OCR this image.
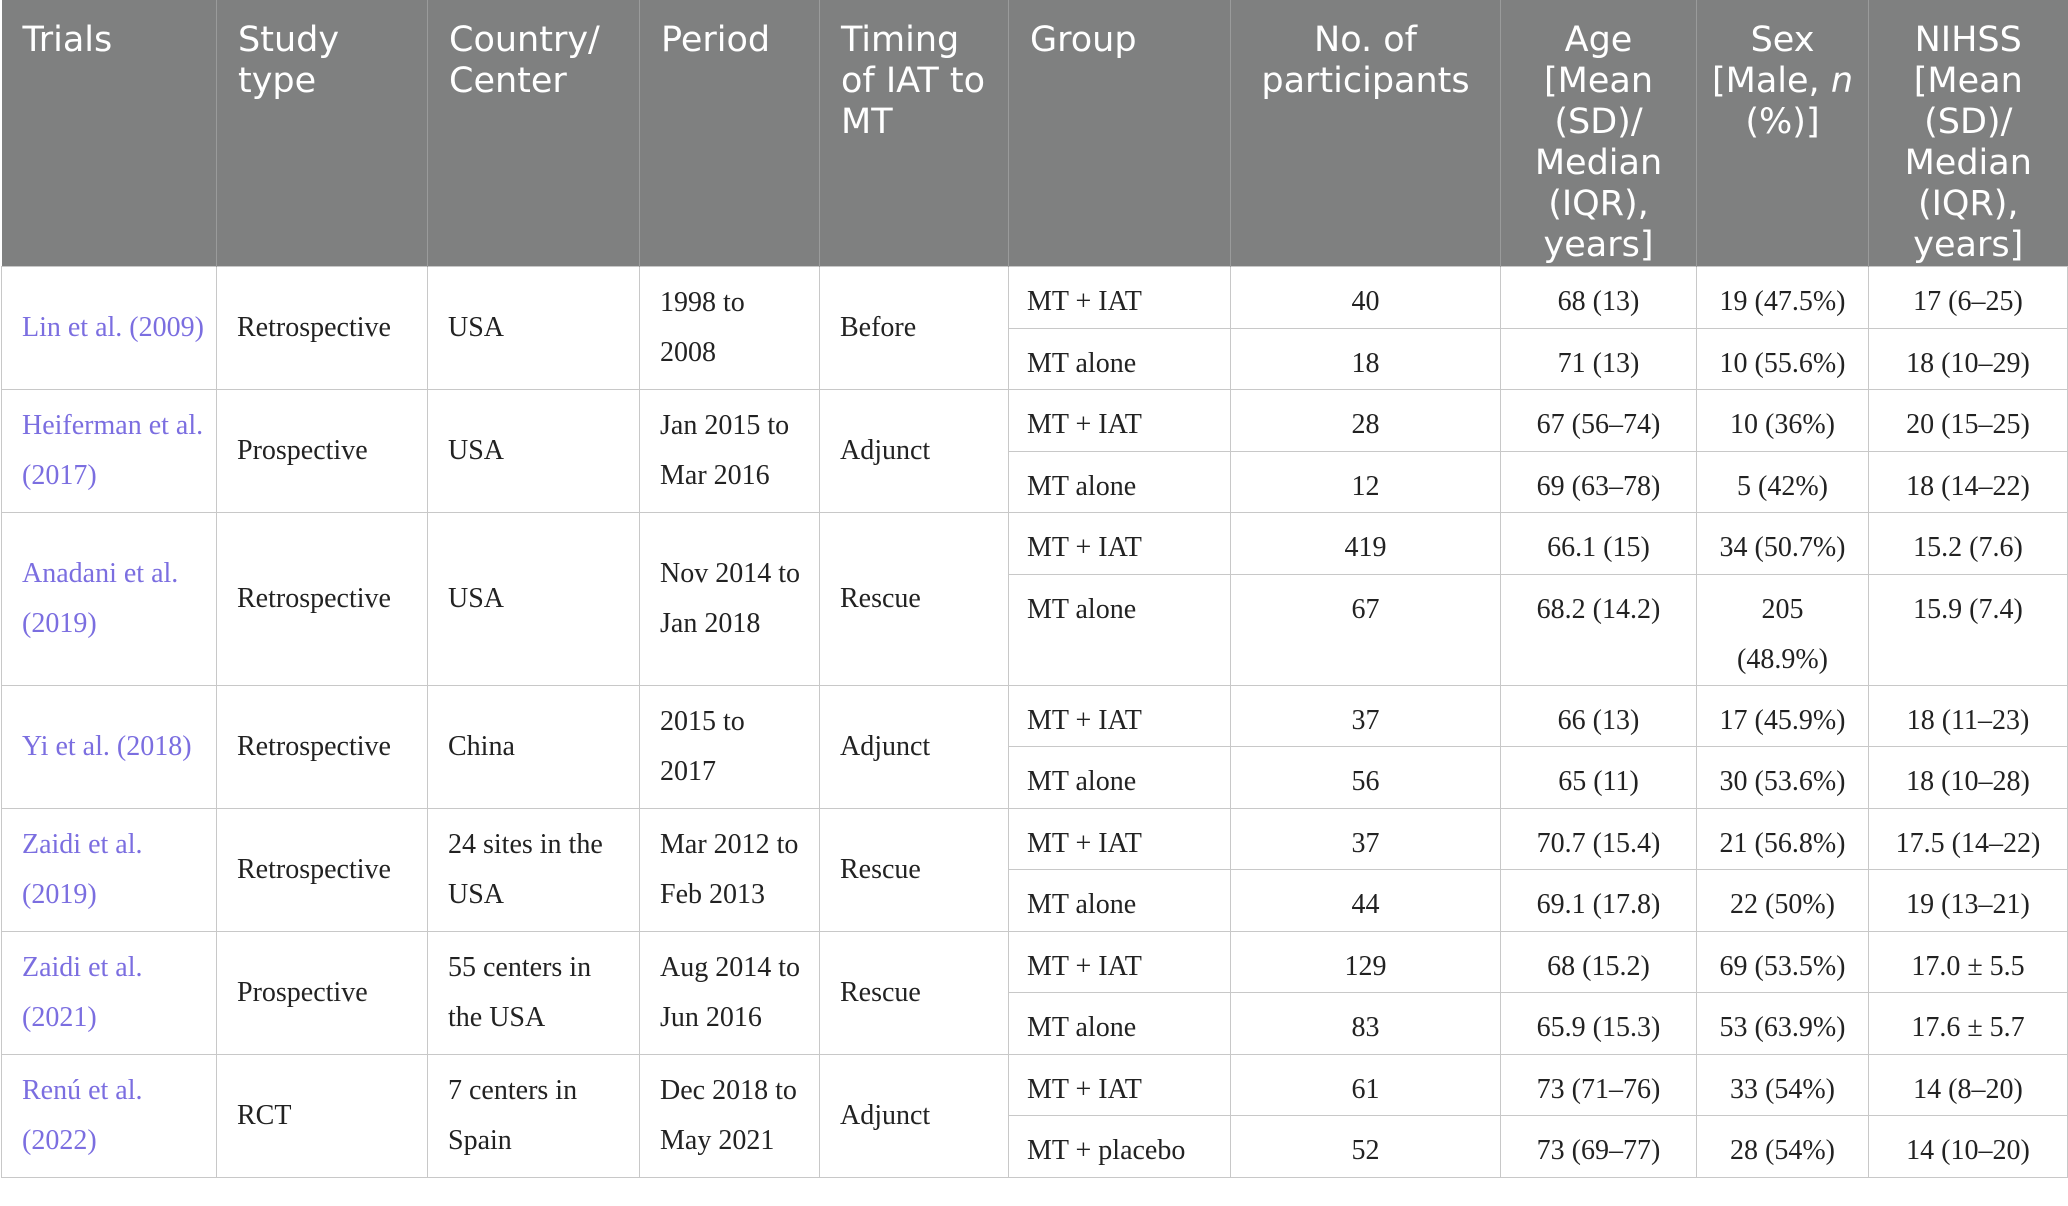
Trials	Study type	Country/ Center	Period	Timing of IAT to MT	Group	No. of participants	Age [Mean (SD)/ Median (IQR), years]	Sex [Male, n (%)]	NIHSS [Mean (SD)/ Median (IQR), years]
Lin et al. (2009)	Retrospective	USA	1998 to 2008	Before	MT + IAT	40	68 (13)	19 (47.5%)	17 (6–25)
					MT alone	18	71 (13)	10 (55.6%)	18 (10–29)
Heiferman et al. (2017)	Prospective	USA	Jan 2015 to Mar 2016	Adjunct	MT + IAT	28	67 (56–74)	10 (36%)	20 (15–25)
					MT alone	12	69 (63–78)	5 (42%)	18 (14–22)
Anadani et al. (2019)	Retrospective	USA	Nov 2014 to Jan 2018	Rescue	MT + IAT	419	66.1 (15)	34 (50.7%)	15.2 (7.6)
					MT alone	67	68.2 (14.2)	205 (48.9%)	15.9 (7.4)
Yi et al. (2018)	Retrospective	China	2015 to 2017	Adjunct	MT + IAT	37	66 (13)	17 (45.9%)	18 (11–23)
					MT alone	56	65 (11)	30 (53.6%)	18 (10–28)
Zaidi et al. (2019)	Retrospective	24 sites in the USA	Mar 2012 to Feb 2013	Rescue	MT + IAT	37	70.7 (15.4)	21 (56.8%)	17.5 (14–22)
					MT alone	44	69.1 (17.8)	22 (50%)	19 (13–21)
Zaidi et al. (2021)	Prospective	55 centers in the USA	Aug 2014 to Jun 2016	Rescue	MT + IAT	129	68 (15.2)	69 (53.5%)	17.0 ± 5.5
					MT alone	83	65.9 (15.3)	53 (63.9%)	17.6 ± 5.7
Renú et al. (2022)	RCT	7 centers in Spain	Dec 2018 to May 2021	Adjunct	MT + IAT	61	73 (71–76)	33 (54%)	14 (8–20)
					MT + placebo	52	73 (69–77)	28 (54%)	14 (10–20)
